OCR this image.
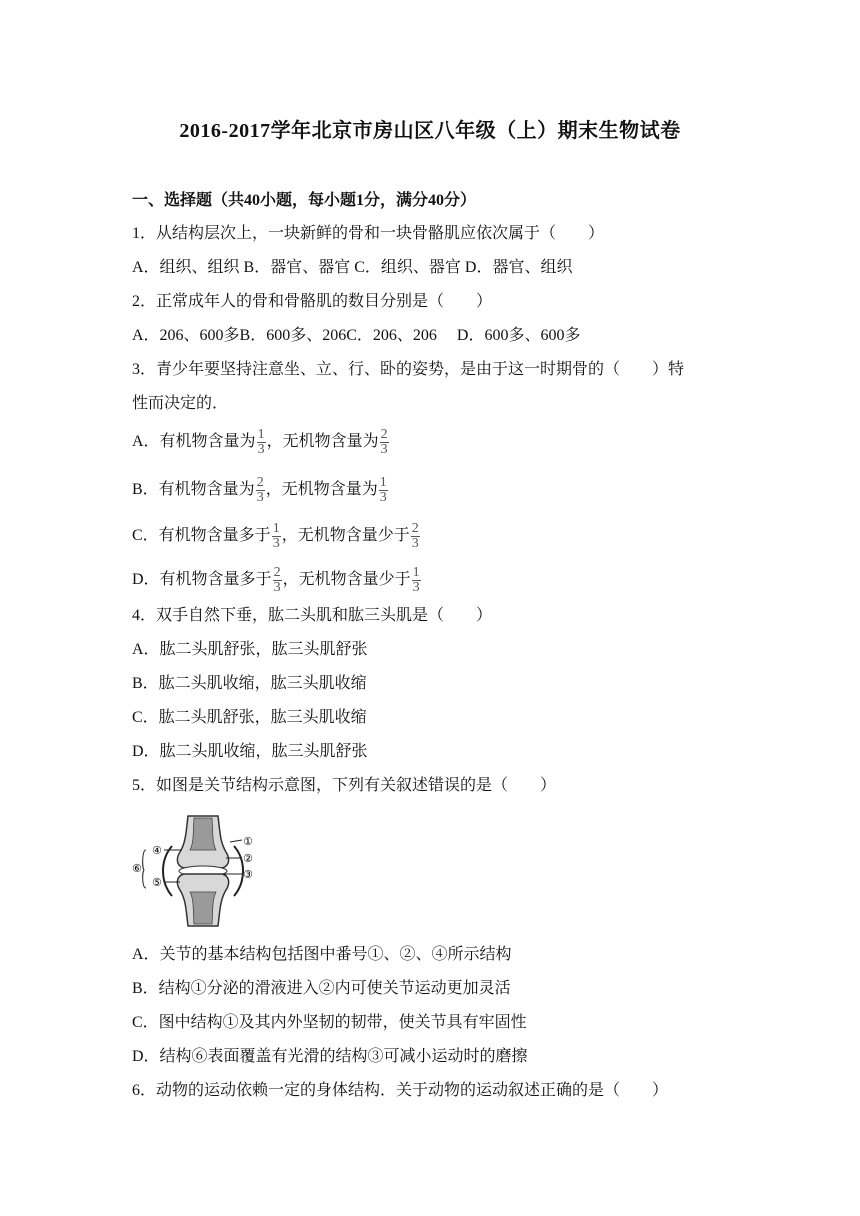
2016-2017学年北京市房山区八年级（上）期末生物试卷
一、选择题（共40小题，每小题1分，满分40分）
1．从结构层次上，一块新鲜的骨和一块骨骼肌应依次属于（　　）
A．组织、组织 B．器官、器官 C．组织、器官 D．器官、组织
2．正常成年人的骨和骨骼肌的数目分别是（　　）
A．206、600多B．600多、206C．206、206　 D．600多、600多
3．青少年要坚持注意坐、立、行、卧的姿势，是由于这一时期骨的（　　）特
性而决定的．
A．有机物含量为 $\frac{1}{3}$ ，无机物含量为 $\frac{2}{3}$
B．有机物含量为 $\frac{2}{3}$ ，无机物含量为 $\frac{1}{3}$
C．有机物含量多于 $\frac{1}{3}$ ，无机物含量少于 $\frac{2}{3}$
D．有机物含量多于 $\frac{2}{3}$ ，无机物含量少于 $\frac{1}{3}$
4．双手自然下垂，肱二头肌和肱三头肌是（　　）
A．肱二头肌舒张，肱三头肌舒张
B．肱二头肌收缩，肱三头肌收缩
C．肱二头肌舒张，肱三头肌收缩
D．肱二头肌收缩，肱三头肌舒张
5．如图是关节结构示意图，下列有关叙述错误的是（　　）
①
②
③
④
⑤
⑥
A．关节的基本结构包括图中番号①、②、④所示结构
B．结构①分泌的滑液进入②内可使关节运动更加灵活
C．图中结构①及其内外坚韧的韧带，使关节具有牢固性
D．结构⑥表面覆盖有光滑的结构③可减小运动时的磨擦
6．动物的运动依赖一定的身体结构．关于动物的运动叙述正确的是（　　）
